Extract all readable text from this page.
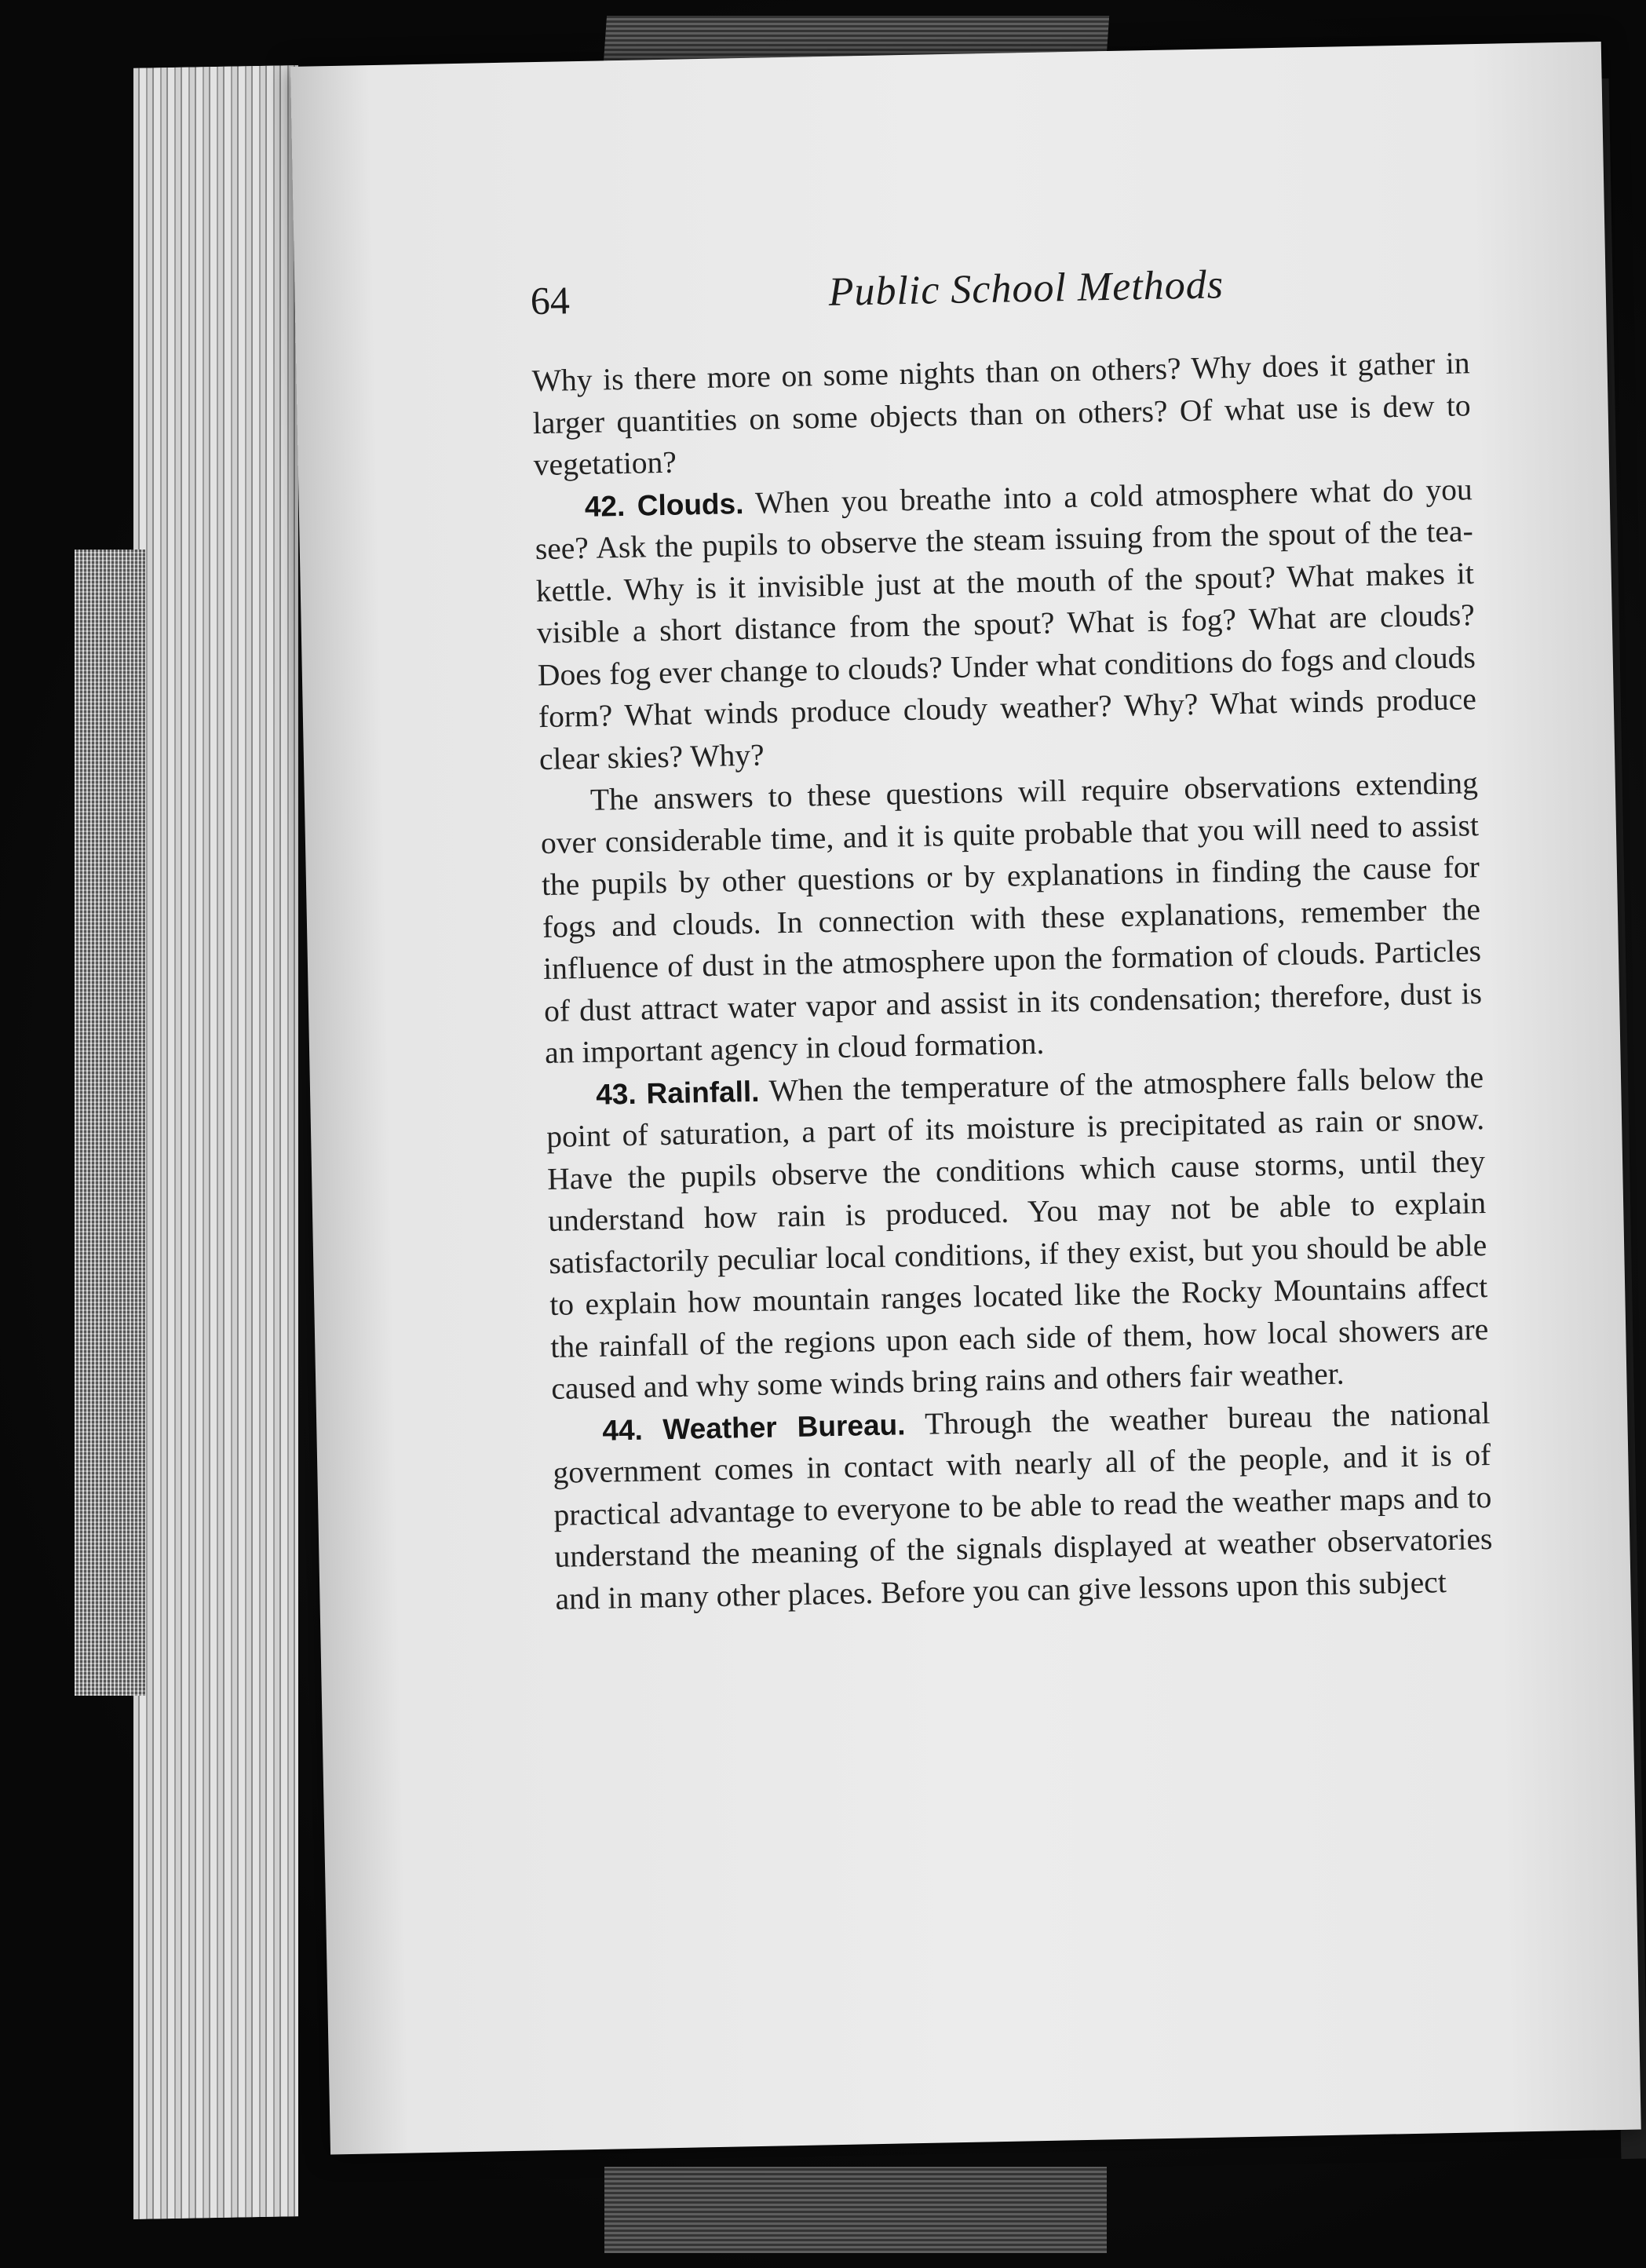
64	Public School Methods

Why is there more on some nights than on others? Why does it gather in larger quantities on some objects than on others? Of what use is dew to vegetation?

42. Clouds. When you breathe into a cold atmosphere what do you see? Ask the pupils to observe the steam issuing from the spout of the tea-kettle. Why is it invisible just at the mouth of the spout? What makes it visible a short distance from the spout? What is fog? What are clouds? Does fog ever change to clouds? Under what conditions do fogs and clouds form? What winds produce cloudy weather? Why? What winds produce clear skies? Why?

The answers to these questions will require observations extending over considerable time, and it is quite probable that you will need to assist the pupils by other questions or by explanations in finding the cause for fogs and clouds. In connection with these explanations, remember the influence of dust in the atmosphere upon the formation of clouds. Particles of dust attract water vapor and assist in its condensation; therefore, dust is an important agency in cloud formation.

43. Rainfall. When the temperature of the atmosphere falls below the point of saturation, a part of its moisture is precipitated as rain or snow. Have the pupils observe the conditions which cause storms, until they understand how rain is produced. You may not be able to explain satisfactorily peculiar local conditions, if they exist, but you should be able to explain how mountain ranges located like the Rocky Mountains affect the rainfall of the regions upon each side of them, how local showers are caused and why some winds bring rains and others fair weather.

44. Weather Bureau. Through the weather bureau the national government comes in contact with nearly all of the people, and it is of practical advantage to everyone to be able to read the weather maps and to understand the meaning of the signals displayed at weather observatories and in many other places. Before you can give lessons upon this subject
